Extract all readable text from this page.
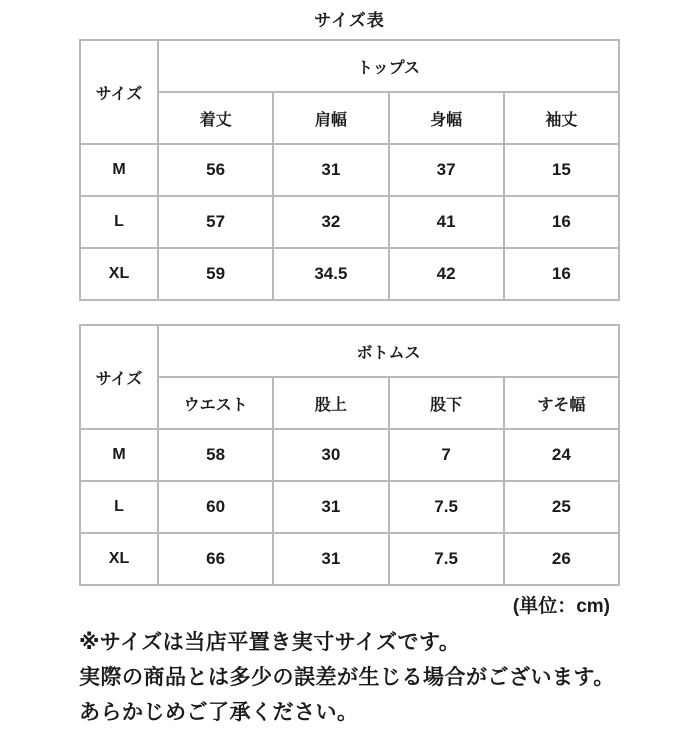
サイズ表
サイズ	トップス			
	着丈	肩幅	身幅	袖丈
M	56	31	37	15
L	57	32	41	16
XL	59	34.5	42	16
サイズ	ボトムス			
	ウエスト	股上	股下	すそ幅
M	58	30	7	24
L	60	31	7.5	25
XL	66	31	7.5	26
(単位：cm)
※サイズは当店平置き実寸サイズです。
実際の商品とは多少の誤差が生じる場合がございます。
あらかじめご了承ください。
